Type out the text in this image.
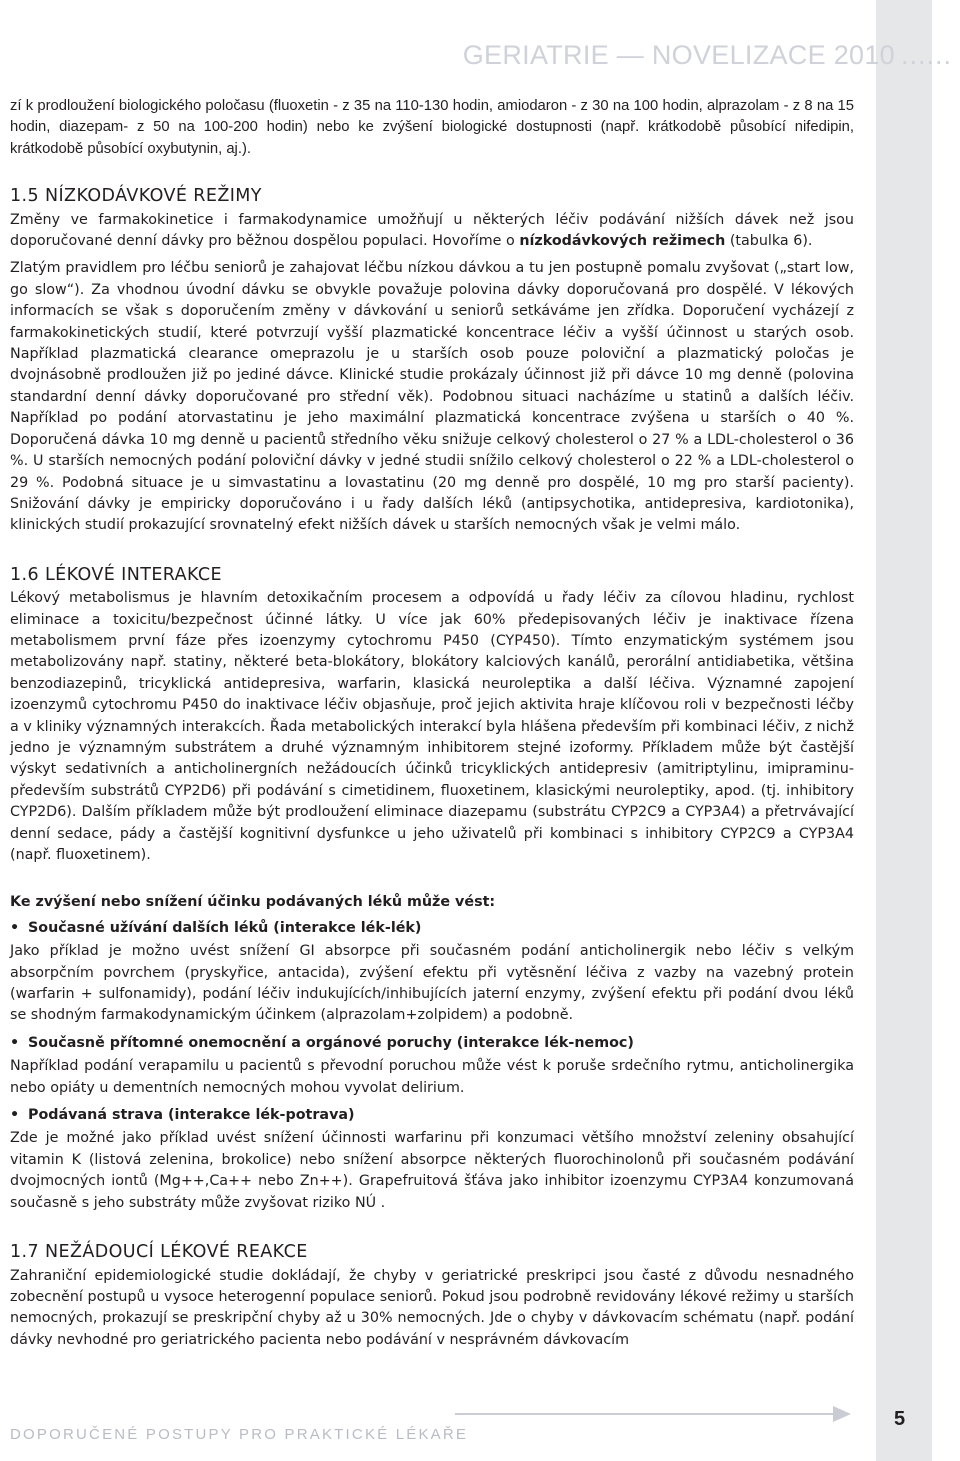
GERIATRIE — NOVELIZACE 2010 ......

zí k prodloužení biologického poločasu (fluoxetin - z 35 na 110-130 hodin, amiodaron - z 30 na 100 hodin, alprazolam - z 8 na 15 hodin, diazepam- z 50 na 100-200 hodin) nebo ke zvýšení biologické dostupnosti (např. krátkodobě působící nifedipin, krátkodobě působící oxybutynin, aj.).

1.5 NÍZKODÁVKOVÉ REŽIMY

Změny ve farmakokinetice i farmakodynamice umožňují u některých léčiv podávání nižších dávek než jsou doporučované denní dávky pro běžnou dospělou populaci. Hovoříme o nízkodávkových režimech (tabulka 6).

Zlatým pravidlem pro léčbu seniorů je zahajovat léčbu nízkou dávkou a tu jen postupně pomalu zvyšovat („start low, go slow“). Za vhodnou úvodní dávku se obvykle považuje polovina dávky doporučovaná pro dospělé. V lékových informacích se však s doporučením změny v dávkování u seniorů setkáváme jen zřídka. Doporučení vycházejí z farmakokinetických studií, které potvrzují vyšší plazmatické koncentrace léčiv a vyšší účinnost u starých osob. Například plazmatická clearance omeprazolu je u starších osob pouze poloviční a plazmatický poločas je dvojnásobně prodloužen již po jediné dávce. Klinické studie prokázaly účinnost již při dávce 10 mg denně (polovina standardní denní dávky doporučované pro střední věk). Podobnou situaci nacházíme u statinů a dalších léčiv. Například po podání atorvastatinu je jeho maximální plazmatická koncentrace zvýšena u starších o 40 %. Doporučená dávka 10 mg denně u pacientů středního věku snižuje celkový cholesterol o 27 % a LDL-cholesterol o 36 %. U starších nemocných podání poloviční dávky v jedné studii snížilo celkový cholesterol o 22 % a LDL-cholesterol o 29 %. Podobná situace je u simvastatinu a lovastatinu (20 mg denně pro dospělé, 10 mg pro starší pacienty). Snižování dávky je empiricky doporučováno i u řady dalších léků (antipsychotika, antidepresiva, kardiotonika), klinických studií prokazující srovnatelný efekt nižších dávek u starších nemocných však je velmi málo.

1.6 LÉKOVÉ INTERAKCE

Lékový metabolismus je hlavním detoxikačním procesem a odpovídá u řady léčiv za cílovou hladinu, rychlost eliminace a toxicitu/bezpečnost účinné látky. U více jak 60% předepisovaných léčiv je inaktivace řízena metabolismem první fáze přes izoenzymy cytochromu P450 (CYP450). Tímto enzymatickým systémem jsou metabolizovány např. statiny, některé beta-blokátory, blokátory kalciových kanálů, perorální antidiabetika, většina benzodiazepinů, tricyklická antidepresiva, warfarin, klasická neuroleptika a další léčiva. Významné zapojení izoenzymů cytochromu P450 do inaktivace léčiv objasňuje, proč jejich aktivita hraje klíčovou roli v bezpečnosti léčby a v kliniky významných interakcích. Řada metabolických interakcí byla hlášena především při kombinaci léčiv, z nichž jedno je významným substrátem a druhé významným inhibitorem stejné izoformy. Příkladem může být častější výskyt sedativních a anticholinergních nežádoucích účinků tricyklických antidepresiv (amitriptylinu, imipraminu- především substrátů CYP2D6) při podávání s cimetidinem, fluoxetinem, klasickými neuroleptiky, apod. (tj. inhibitory CYP2D6). Dalším příkladem může být prodloužení eliminace diazepamu (substrátu CYP2C9 a CYP3A4) a přetrvávající denní sedace, pády a častější kognitivní dysfunkce u jeho uživatelů při kombinaci s inhibitory CYP2C9 a CYP3A4 (např. fluoxetinem).

Ke zvýšení nebo snížení účinku podávaných léků může vést:

• Současné užívání dalších léků (interakce lék-lék)

Jako příklad je možno uvést snížení GI absorpce při současném podání anticholinergik nebo léčiv s velkým absorpčním povrchem (pryskyřice, antacida), zvýšení efektu při vytěsnění léčiva z vazby na vazebný protein (warfarin + sulfonamidy), podání léčiv indukujících/inhibujících jaterní enzymy, zvýšení efektu při podání dvou léků se shodným farmakodynamickým účinkem (alprazolam+zolpidem) a podobně.

• Současně přítomné onemocnění a orgánové poruchy (interakce lék-nemoc)

Například podání verapamilu u pacientů s převodní poruchou může vést k poruše srdečního rytmu, anticholinergika nebo opiáty u dementních nemocných mohou vyvolat delirium.

• Podávaná strava (interakce lék-potrava)

Zde je možné jako příklad uvést snížení účinnosti warfarinu při konzumaci většího množství zeleniny obsahující vitamin K (listová zelenina, brokolice) nebo snížení absorpce některých fluorochinolonů při současném podávání dvojmocných iontů (Mg++,Ca++ nebo Zn++). Grapefruitová šťáva jako inhibitor izoenzymu CYP3A4 konzumovaná současně s jeho substráty může zvyšovat riziko NÚ .

1.7 NEŽÁDOUCÍ LÉKOVÉ REAKCE

Zahraniční epidemiologické studie dokládají, že chyby v geriatrické preskripci jsou časté z důvodu nesnadného zobecnění postupů u vysoce heterogenní populace seniorů. Pokud jsou podrobně revidovány lékové režimy u starších nemocných, prokazují se preskripční chyby až u 30% nemocných. Jde o chyby v dávkovacím schématu (např. podání dávky nevhodné pro geriatrického pacienta nebo podávání v nesprávném dávkovacím

DOPORUČENÉ POSTUPY PRO PRAKTICKÉ LÉKAŘE
5
